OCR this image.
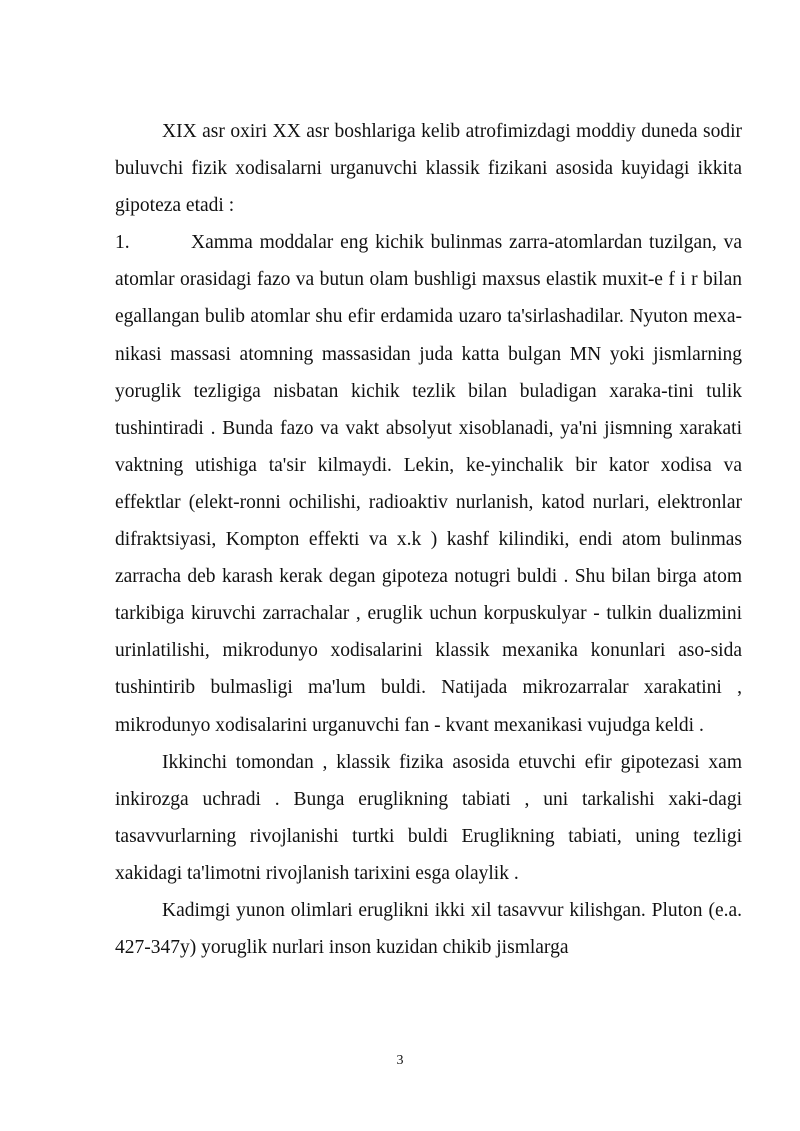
XIX asr oxiri XX asr boshlariga kelib atrofimizdagi moddiy duneda sodir buluvchi fizik xodisalarni urganuvchi klassik fizikani asosida kuyidagi ikkita gipoteza etadi :

1.	Xamma moddalar eng kichik bulinmas zarra-atomlardan tuzilgan, va atomlar orasidagi fazo va butun olam bushligi maxsus elastik muxit-e f i r bilan egallangan bulib atomlar shu efir erdamida uzaro ta'sirlashadilar. Nyuton mexa-nikasi massasi atomning massasidan juda katta bulgan MN yoki jismlarning yoruglik tezligiga nisbatan kichik tezlik bilan buladigan xaraka-tini tulik tushintiradi . Bunda fazo va vakt absolyut xisoblanadi, ya'ni jismning xarakati vaktning utishiga ta'sir kilmaydi. Lekin, ke-yinchalik bir kator xodisa va effektlar (elekt-ronni ochilishi, radioaktiv nurlanish, katod nurlari, elektronlar difraktsiyasi, Kompton effekti va x.k ) kashf kilindiki, endi atom bulinmas zarracha deb karash kerak degan gipoteza notugri buldi . Shu bilan birga atom tarkibiga kiruvchi zarrachalar , eruglik uchun korpuskulyar - tulkin dualizmini urinlatilishi, mikrodunyo xodisalarini klassik mexanika konunlari aso-sida tushintirib bulmasligi ma'lum buldi. Natijada mikrozarralar xarakatini , mikrodunyo xodisalarini urganuvchi fan - kvant mexanikasi vujudga keldi .

Ikkinchi tomondan , klassik fizika asosida etuvchi efir gipotezasi xam inkirozga uchradi . Bunga eruglikning tabiati , uni tarkalishi xaki-dagi tasavvurlarning rivojlanishi turtki buldi Eruglikning tabiati, uning tezligi xakidagi ta'limotni rivojlanish tarixini esga olaylik .

Kadimgi yunon olimlari eruglikni ikki xil tasavvur kilishgan. Pluton (e.a. 427-347y) yoruglik nurlari inson kuzidan chikib jismlarga

3
